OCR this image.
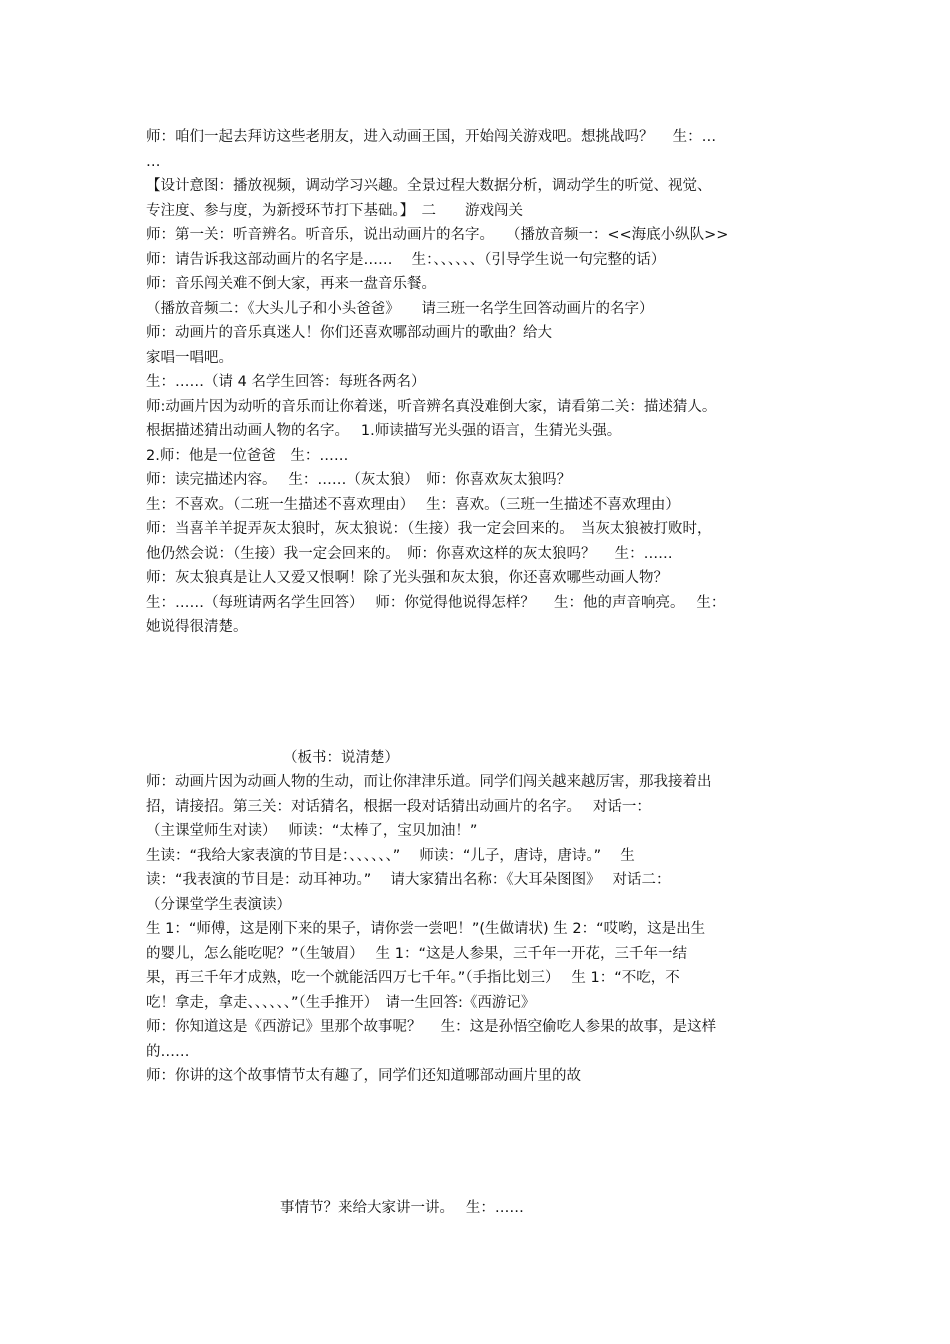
师：咱们一起去拜访这些老朋友，进入动画王国，开始闯关游戏吧。想挑战吗？　 生：…

…

【设计意图：播放视频，调动学习兴趣。全景过程大数据分析，调动学生的听觉、视觉、

专注度、参与度，为新授环节打下基础。】　二　　游戏闯关

师：第一关：听音辨名。听音乐，说出动画片的名字。　 （播放音频一：<<海底小纵队>>

师：请告诉我这部动画片的名字是……　 生：、、、、、、（引导学生说一句完整的话）

师：音乐闯关难不倒大家，再来一盘音乐餐。

（播放音频二：《大头儿子和小头爸爸》　　请三班一名学生回答动画片的名字）

师：动画片的音乐真迷人！你们还喜欢哪部动画片的歌曲？给大

家唱一唱吧。

生：……（请 4 名学生回答：每班各两名）

师:动画片因为动听的音乐而让你着迷，听音辨名真没难倒大家，请看第二关：描述猜人。

根据描述猜出动画人物的名字。　 1.师读描写光头强的语言，生猜光头强。

2.师：他是一位爸爸　生：……

师：读完描述内容。　 生：……（灰太狼）　师：你喜欢灰太狼吗？

生：不喜欢。（二班一生描述不喜欢理由）　 生：喜欢。（三班一生描述不喜欢理由）

师：当喜羊羊捉弄灰太狼时，灰太狼说：（生接）我一定会回来的。　当灰太狼被打败时，

他仍然会说：（生接）我一定会回来的。　师：你喜欢这样的灰太狼吗？　 生：……

师：灰太狼真是让人又爱又恨啊！除了光头强和灰太狼，你还喜欢哪些动画人物？

生：……（每班请两名学生回答）　 师：你觉得他说得怎样？　 生：他的声音响亮。　 生：

她说得很清楚。

（板书：说清楚）

师：动画片因为动画人物的生动，而让你津津乐道。同学们闯关越来越厉害，那我接着出

招，请接招。第三关：对话猜名，根据一段对话猜出动画片的名字。　 对话一：

（主课堂师生对读）　 师读：“太棒了，宝贝加油！”

生读：“我给大家表演的节目是：、、、、、、”　 师读：“儿子，唐诗，唐诗。”　 生

读：“我表演的节目是：动耳神功。”　 请大家猜出名称：《大耳朵图图》　 对话二：

（分课堂学生表演读）

生 1：“师傅，这是刚下来的果子，请你尝一尝吧！”(生做请状) 生 2：“哎哟，这是出生

的婴儿，怎么能吃呢？”（生皱眉）　 生 1：“这是人参果，三千年一开花，三千年一结

果，再三千年才成熟，吃一个就能活四万七千年。”（手指比划三）　 生 1：“不吃，不

吃！拿走，拿走、、、、、、”（生手推开）　请一生回答:《西游记》

师：你知道这是《西游记》里那个故事呢？　 生：这是孙悟空偷吃人参果的故事，是这样

的……

师：你讲的这个故事情节太有趣了，同学们还知道哪部动画片里的故

事情节？来给大家讲一讲。　 生：……
